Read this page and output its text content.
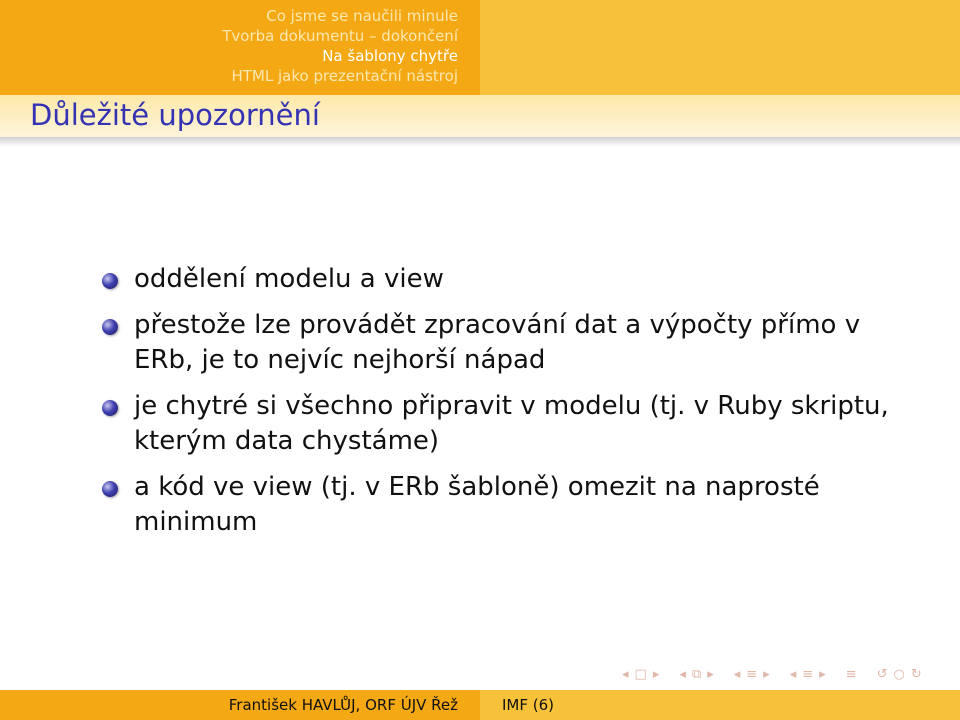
Co jsme se naučili minule
Tvorba dokumentu – dokončení
Na šablony chytře
HTML jako prezentační nástroj
Důležité upozornění
oddělení modelu a view
přestože lze provádět zpracování dat a výpočty přímo v ERb, je to nejvíc nejhorší nápad
je chytré si všechno připravit v modelu (tj. v Ruby skriptu, kterým data chystáme)
a kód ve view (tj. v ERb šabloně) omezit na naprosté minimum
◂ □ ▸ ◂ ⧉ ▸ ◂ ≡ ▸ ◂ ≡ ▸ ≡ ↺ ○ ↻
František HAVLŮJ, ORF ÚJV Řež	IMF (6)
